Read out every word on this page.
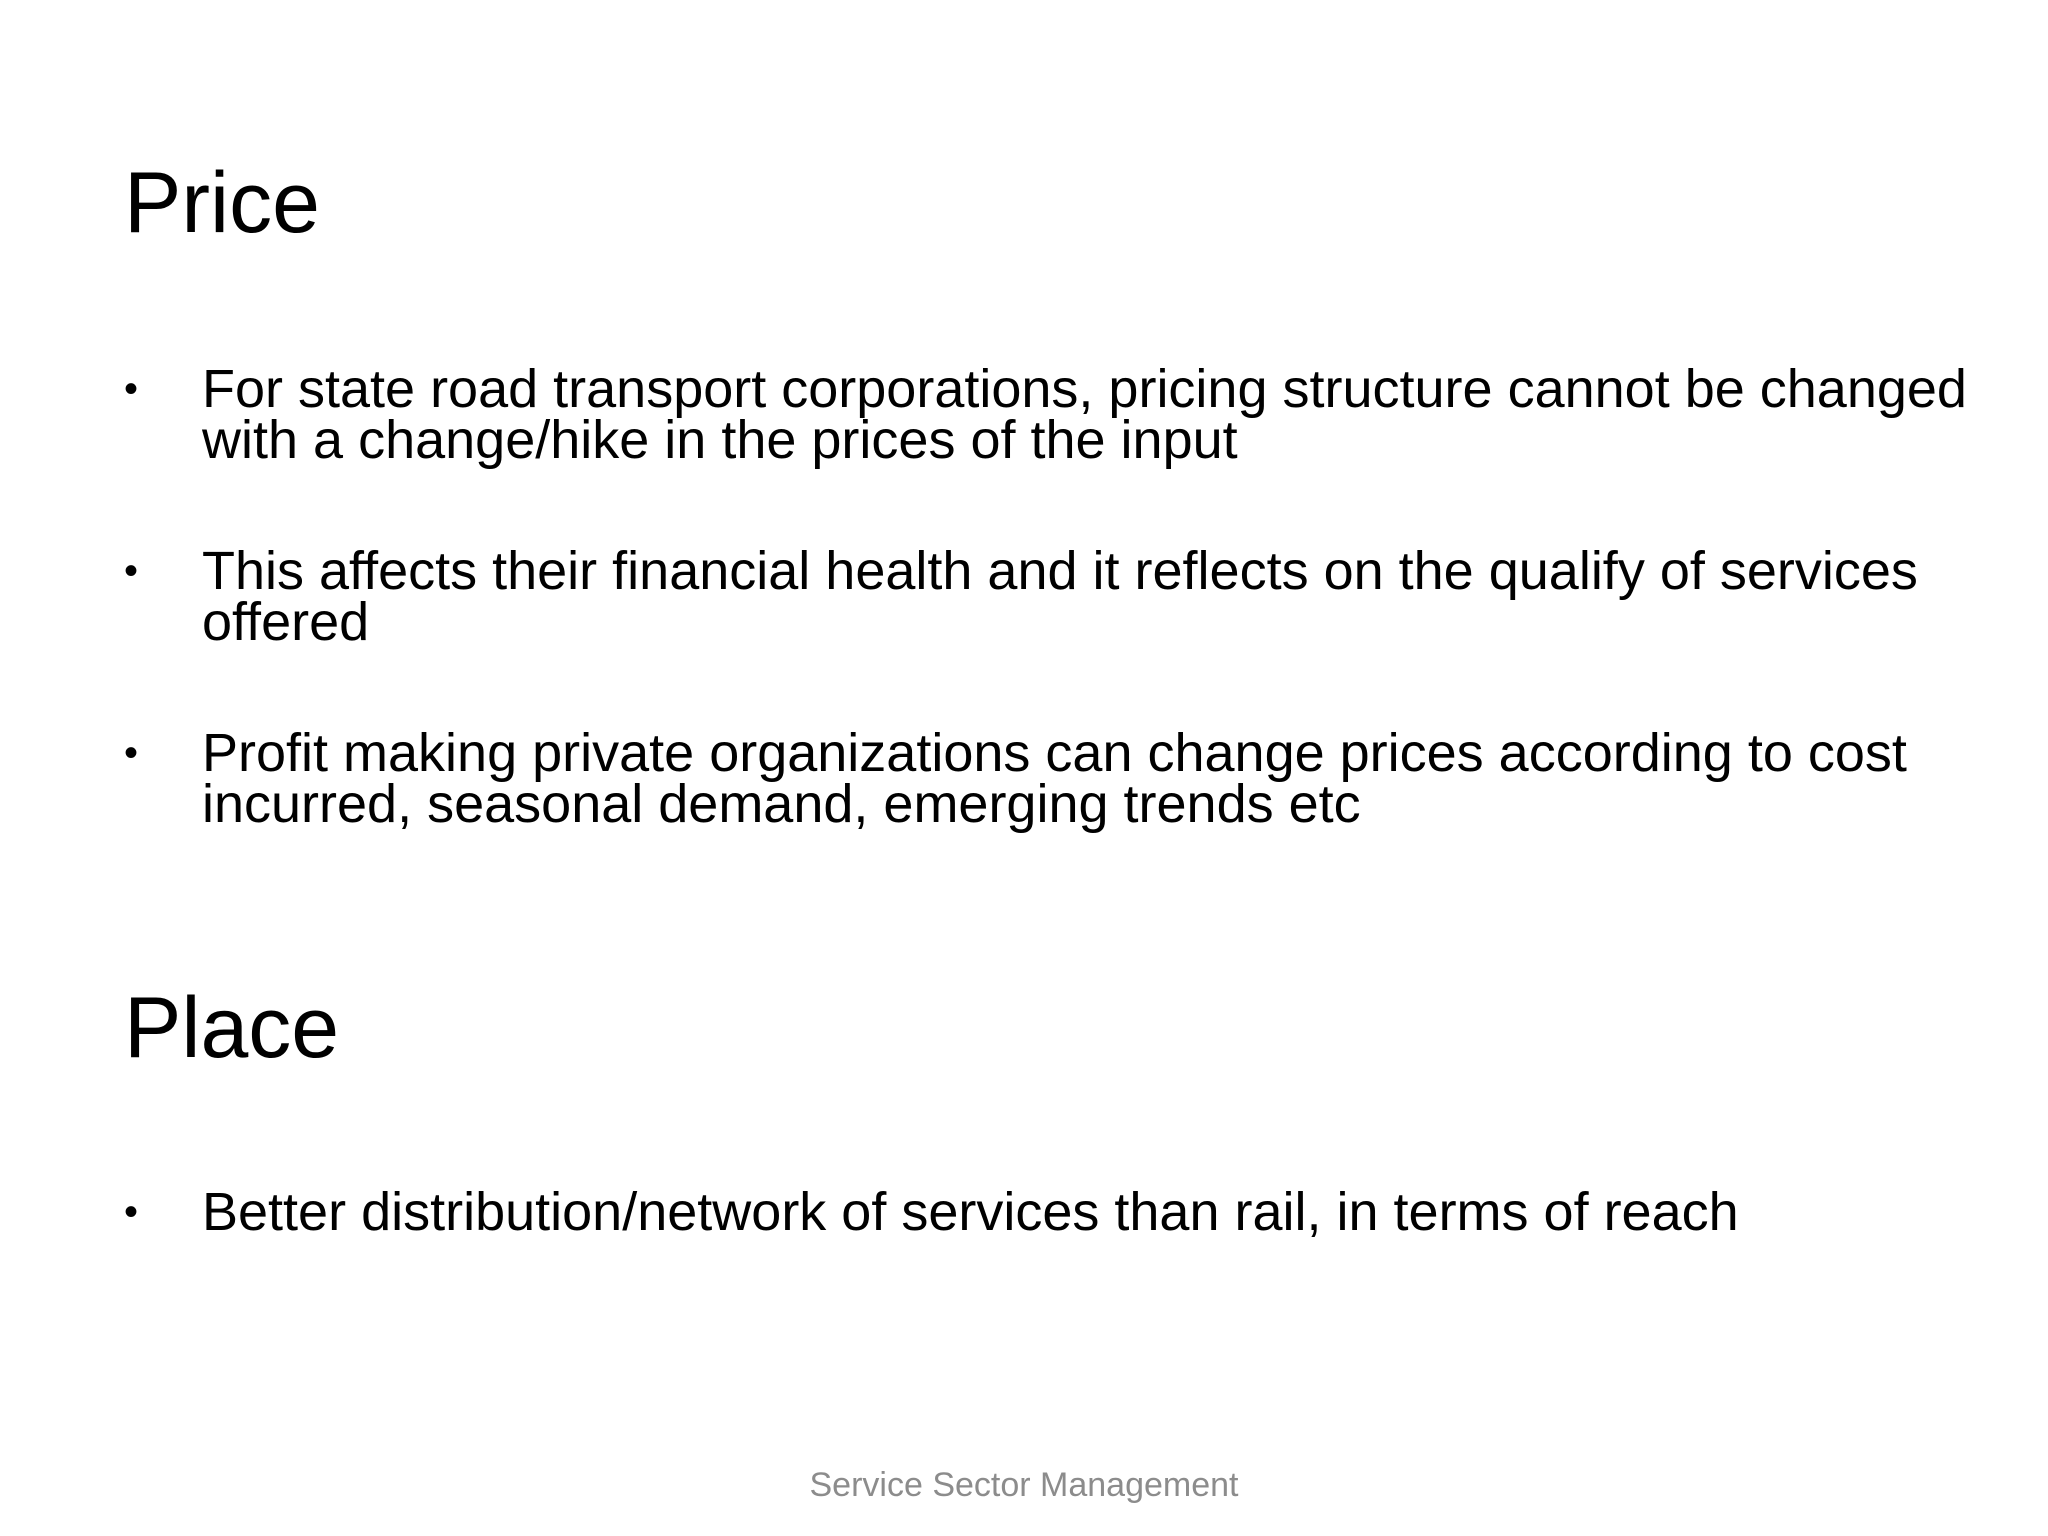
Price
•	For state road transport corporations, pricing structure cannot be changed with a change/hike in the prices of the input
•	This affects their financial health and it reflects on the qualify of services offered
•	Profit making private organizations can change prices according to cost incurred, seasonal demand, emerging trends etc
Place
•	Better distribution/network of services than rail, in terms of reach
Service Sector Management
